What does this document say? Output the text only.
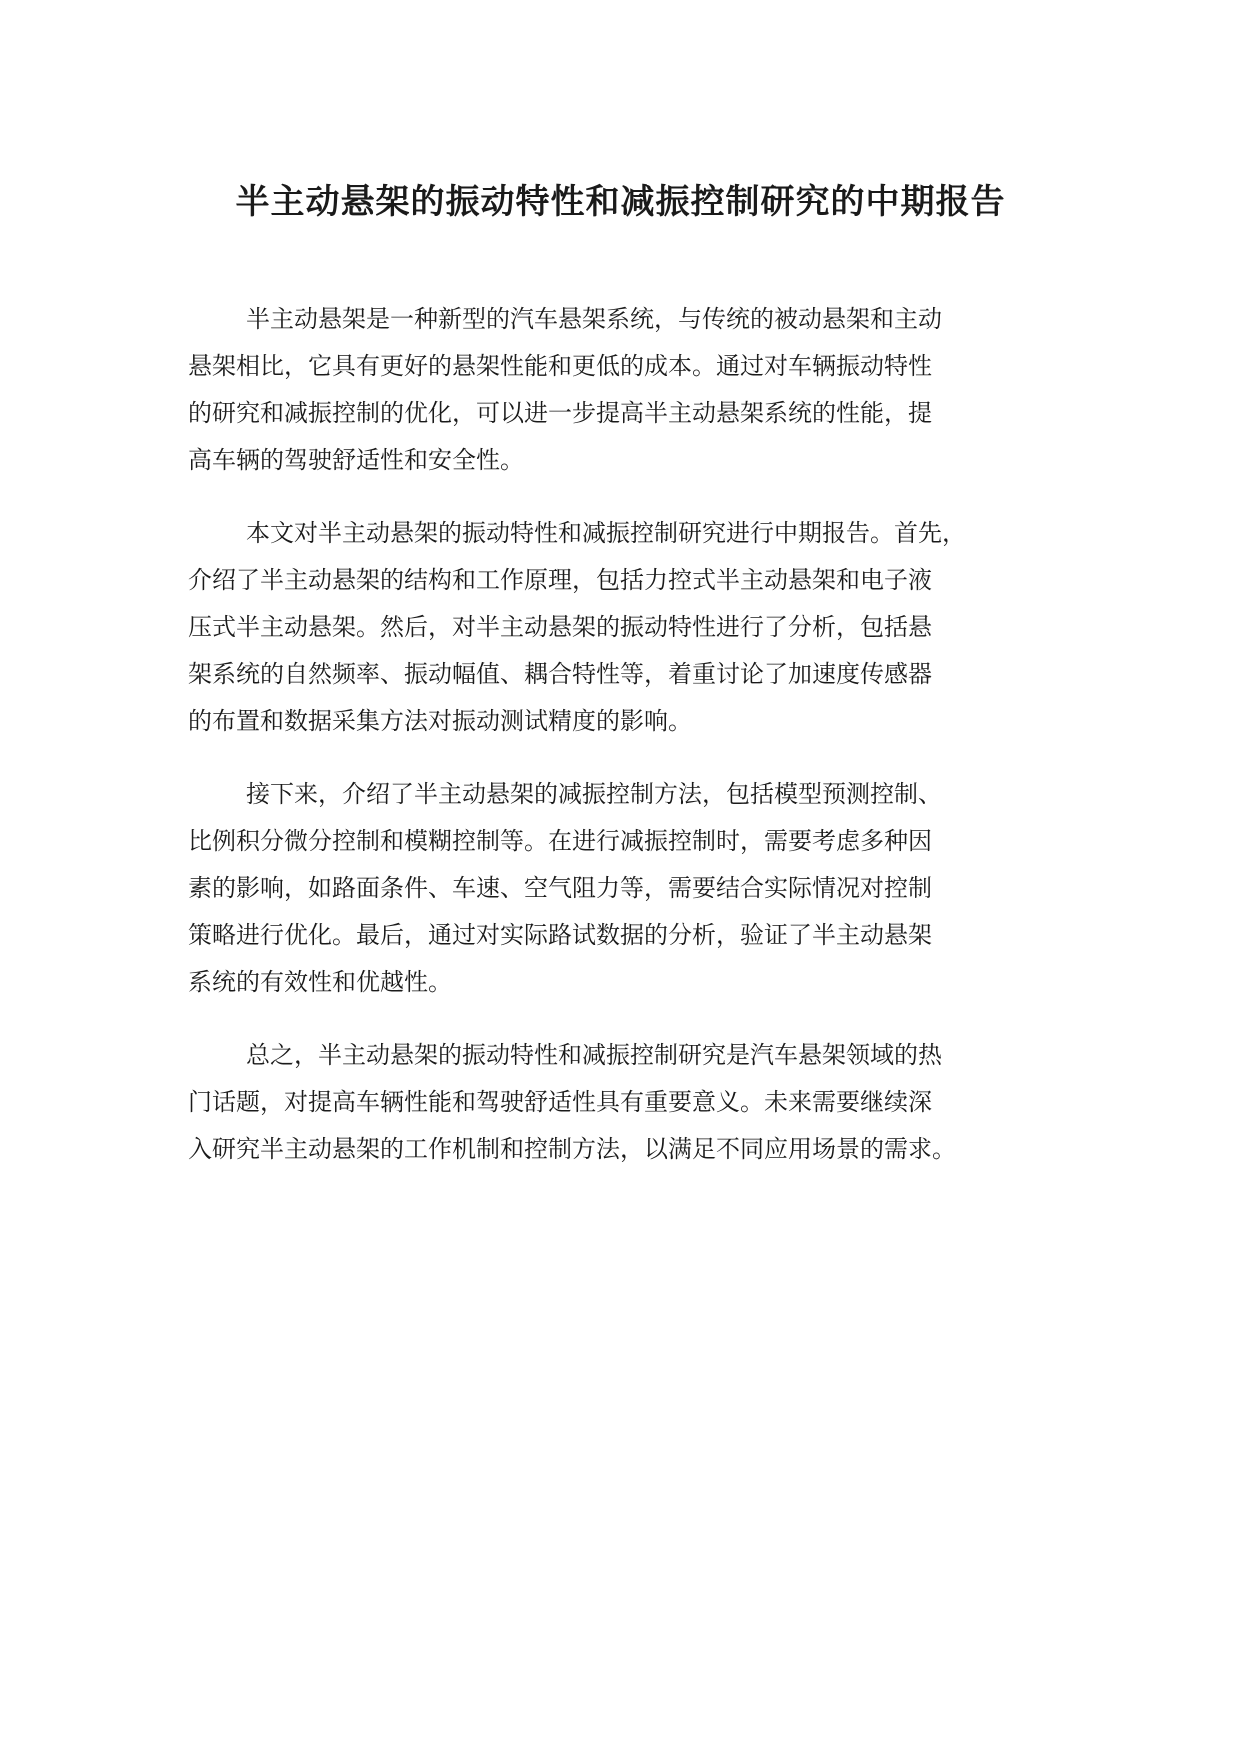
半主动悬架的振动特性和减振控制研究的中期报告
半主动悬架是一种新型的汽车悬架系统，与传统的被动悬架和主动
悬架相比，它具有更好的悬架性能和更低的成本。通过对车辆振动特性
的研究和减振控制的优化，可以进一步提高半主动悬架系统的性能，提
高车辆的驾驶舒适性和安全性。
本文对半主动悬架的振动特性和减振控制研究进行中期报告。首先，
介绍了半主动悬架的结构和工作原理，包括力控式半主动悬架和电子液
压式半主动悬架。然后，对半主动悬架的振动特性进行了分析，包括悬
架系统的自然频率、振动幅值、耦合特性等，着重讨论了加速度传感器
的布置和数据采集方法对振动测试精度的影响。
接下来，介绍了半主动悬架的减振控制方法，包括模型预测控制、
比例积分微分控制和模糊控制等。在进行减振控制时，需要考虑多种因
素的影响，如路面条件、车速、空气阻力等，需要结合实际情况对控制
策略进行优化。最后，通过对实际路试数据的分析，验证了半主动悬架
系统的有效性和优越性。
总之，半主动悬架的振动特性和减振控制研究是汽车悬架领域的热
门话题，对提高车辆性能和驾驶舒适性具有重要意义。未来需要继续深
入研究半主动悬架的工作机制和控制方法，以满足不同应用场景的需求。
